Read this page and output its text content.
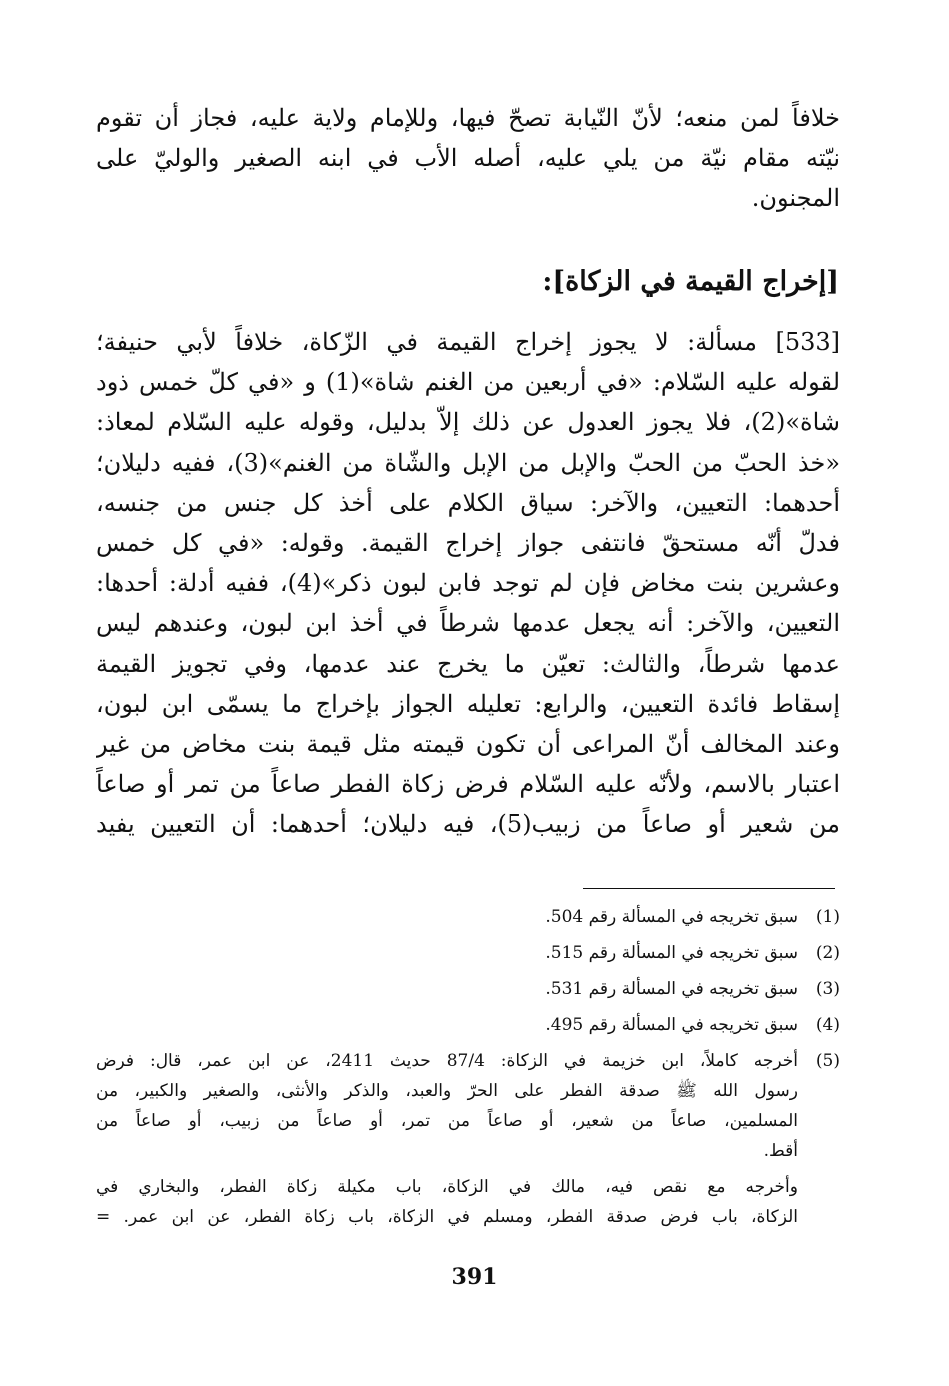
خلافاً لمن منعه؛ لأنّ النّيابة تصحّ فيها، وللإمام ولاية عليه، فجاز أن تقوم
نيّته مقام نيّة من يلي عليه، أصله الأب في ابنه الصغير والوليّ على
المجنون.
[إخراج القيمة في الزكاة]:
[533] مسألة: لا يجوز إخراج القيمة في الزّكاة، خلافاً لأبي حنيفة؛
لقوله عليه السّلام: «في أربعين من الغنم شاة»(1) و «في كلّ خمس ذود
شاة»(2)، فلا يجوز العدول عن ذلك إلاّ بدليل، وقوله عليه السّلام لمعاذ:
«خذ الحبّ من الحبّ والإبل من الإبل والشّاة من الغنم»(3)، ففيه دليلان؛
أحدهما: التعيين، والآخر: سياق الكلام على أخذ كل جنس من جنسه،
فدلّ أنّه مستحقّ فانتفى جواز إخراج القيمة. وقوله: «في كل خمس
وعشرين بنت مخاض فإن لم توجد فابن لبون ذكر»(4)، ففيه أدلة: أحدها:
التعيين، والآخر: أنه يجعل عدمها شرطاً في أخذ ابن لبون، وعندهم ليس
عدمها شرطاً، والثالث: تعيّن ما يخرج عند عدمها، وفي تجويز القيمة
إسقاط فائدة التعيين، والرابع: تعليله الجواز بإخراج ما يسمّى ابن لبون،
وعند المخالف أنّ المراعى أن تكون قيمته مثل قيمة بنت مخاض من غير
اعتبار بالاسم، ولأنّه عليه السّلام فرض زكاة الفطر صاعاً من تمر أو صاعاً
من شعير أو صاعاً من زبيب(5)، فيه دليلان؛ أحدهما: أن التعيين يفيد
(1)
سبق تخريجه في المسألة رقم 504.
(2)
سبق تخريجه في المسألة رقم 515.
(3)
سبق تخريجه في المسألة رقم 531.
(4)
سبق تخريجه في المسألة رقم 495.
(5)
أخرجه كاملاً، ابن خزيمة في الزكاة: 87/4 حديث 2411، عن ابن عمر، قال: فرض
رسول الله ﷺ صدقة الفطر على الحرّ والعبد، والذكر والأنثى، والصغير والكبير، من
المسلمين، صاعاً من شعير، أو صاعاً من تمر، أو صاعاً من زبيب، أو صاعاً من
أقط.
وأخرجه مع نقص فيه، مالك في الزكاة، باب مكيلة زكاة الفطر، والبخاري في
الزكاة، باب فرض صدقة الفطر، ومسلم في الزكاة، باب زكاة الفطر، عن ابن عمر. =
391
